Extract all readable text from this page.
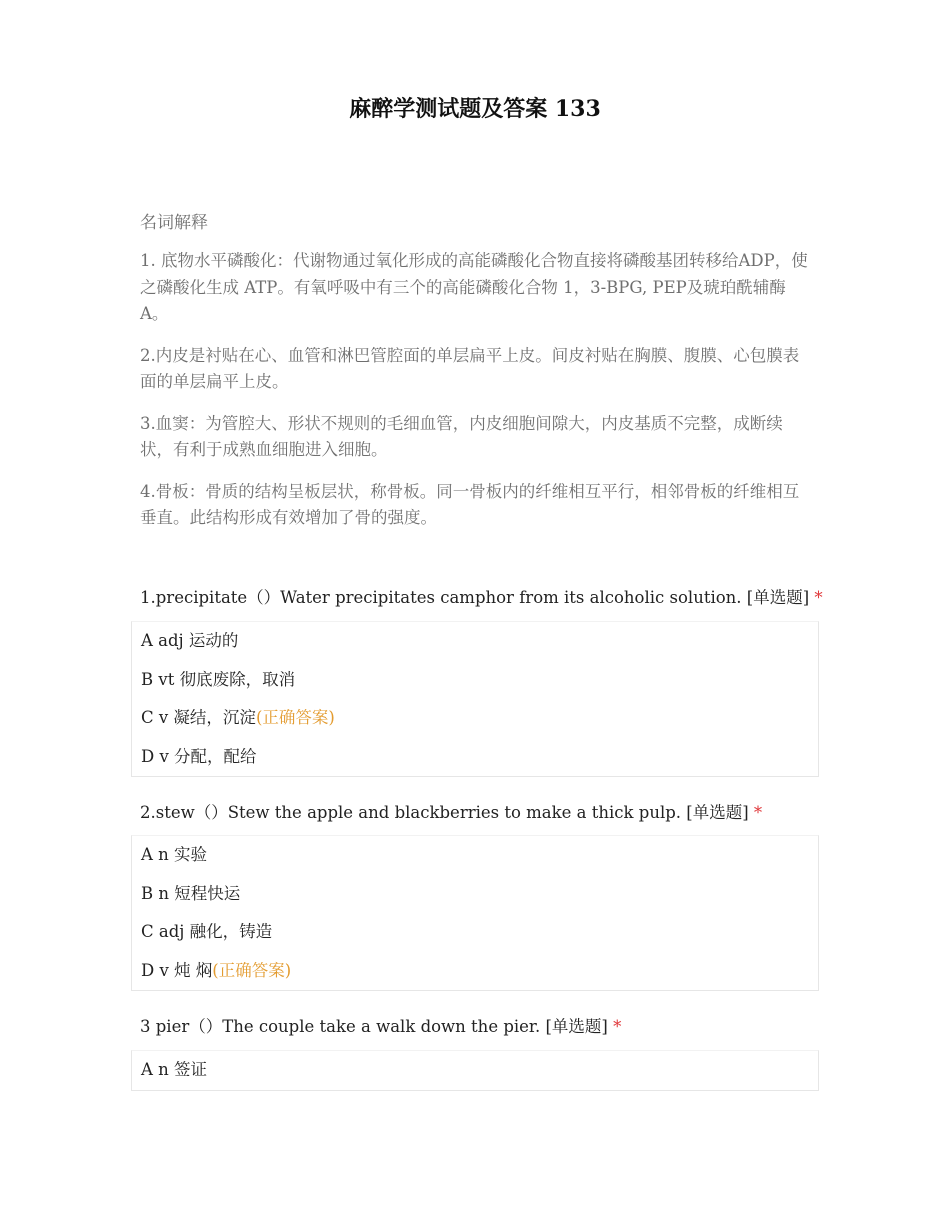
麻醉学测试题及答案 133
名词解释

1. 底物水平磷酸化：代谢物通过氧化形成的高能磷酸化合物直接将磷酸基团转移给ADP，使之磷酸化生成 ATP。有氧呼吸中有三个的高能磷酸化合物 1，3-BPG, PEP及琥珀酰辅酶 A。

2.内皮是衬贴在心、血管和淋巴管腔面的单层扁平上皮。间皮衬贴在胸膜、腹膜、心包膜表面的单层扁平上皮。

3.血窦：为管腔大、形状不规则的毛细血管，内皮细胞间隙大，内皮基质不完整，成断续状，有利于成熟血细胞进入细胞。

4.骨板：骨质的结构呈板层状，称骨板。同一骨板内的纤维相互平行，相邻骨板的纤维相互垂直。此结构形成有效增加了骨的强度。

1.precipitate（）Water precipitates camphor from its alcoholic solution. [单选题] *
A adj 运动的
B vt 彻底废除，取消
C v 凝结，沉淀(正确答案)
D v 分配，配给
2.stew（）Stew the apple and blackberries to make a thick pulp. [单选题] *
A n 实验
B n 短程快运
C adj 融化，铸造
D v 炖 焖(正确答案)
3 pier（）The couple take a walk down the pier. [单选题] *
A n 签证
